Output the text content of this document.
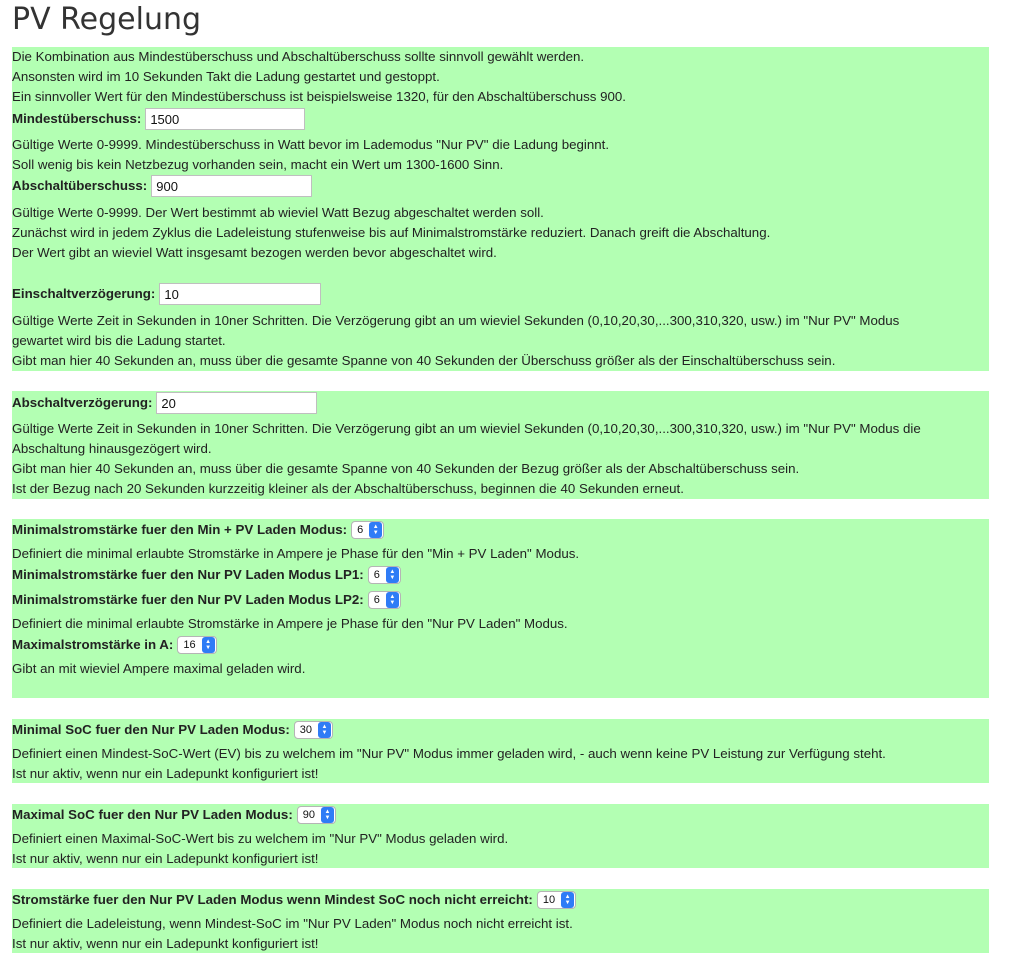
PV Regelung
Die Kombination aus Mindestüberschuss und Abschaltüberschuss sollte sinnvoll gewählt werden.
Ansonsten wird im 10 Sekunden Takt die Ladung gestartet und gestoppt.
Ein sinnvoller Wert für den Mindestüberschuss ist beispielsweise 1320, für den Abschaltüberschuss 900.
Mindestüberschuss:
1500
Gültige Werte 0-9999. Mindestüberschuss in Watt bevor im Lademodus "Nur PV" die Ladung beginnt.
Soll wenig bis kein Netzbezug vorhanden sein, macht ein Wert um 1300-1600 Sinn.
Abschaltüberschuss:
900
Gültige Werte 0-9999. Der Wert bestimmt ab wieviel Watt Bezug abgeschaltet werden soll.
Zunächst wird in jedem Zyklus die Ladeleistung stufenweise bis auf Minimalstromstärke reduziert. Danach greift die Abschaltung.
Der Wert gibt an wieviel Watt insgesamt bezogen werden bevor abgeschaltet wird.
Einschaltverzögerung:
10
Gültige Werte Zeit in Sekunden in 10ner Schritten. Die Verzögerung gibt an um wieviel Sekunden (0,10,20,30,...300,310,320, usw.) im "Nur PV" Modus
gewartet wird bis die Ladung startet.
Gibt man hier 40 Sekunden an, muss über die gesamte Spanne von 40 Sekunden der Überschuss größer als der Einschaltüberschuss sein.
Abschaltverzögerung:
20
Gültige Werte Zeit in Sekunden in 10ner Schritten. Die Verzögerung gibt an um wieviel Sekunden (0,10,20,30,...300,310,320, usw.) im "Nur PV" Modus die
Abschaltung hinausgezögert wird.
Gibt man hier 40 Sekunden an, muss über die gesamte Spanne von 40 Sekunden der Bezug größer als der Abschaltüberschuss sein.
Ist der Bezug nach 20 Sekunden kurzzeitig kleiner als der Abschaltüberschuss, beginnen die 40 Sekunden erneut.
Minimalstromstärke fuer den Min + PV Laden Modus: 6	▲
▼
Definiert die minimal erlaubte Stromstärke in Ampere je Phase für den "Min + PV Laden" Modus.
Minimalstromstärke fuer den Nur PV Laden Modus LP1: 6	▲
▼
Minimalstromstärke fuer den Nur PV Laden Modus LP2: 6	▲
▼
Definiert die minimal erlaubte Stromstärke in Ampere je Phase für den "Nur PV Laden" Modus.
Maximalstromstärke in A: 16	▲
▼
Gibt an mit wieviel Ampere maximal geladen wird.
Minimal SoC fuer den Nur PV Laden Modus: 30	▲
▼
Definiert einen Mindest-SoC-Wert (EV) bis zu welchem im "Nur PV" Modus immer geladen wird, - auch wenn keine PV Leistung zur Verfügung steht.
Ist nur aktiv, wenn nur ein Ladepunkt konfiguriert ist!
Maximal SoC fuer den Nur PV Laden Modus: 90	▲
▼
Definiert einen Maximal-SoC-Wert bis zu welchem im "Nur PV" Modus geladen wird.
Ist nur aktiv, wenn nur ein Ladepunkt konfiguriert ist!
Stromstärke fuer den Nur PV Laden Modus wenn Mindest SoC noch nicht erreicht: 10	▲
▼
Definiert die Ladeleistung, wenn Mindest-SoC im "Nur PV Laden" Modus noch nicht erreicht ist.
Ist nur aktiv, wenn nur ein Ladepunkt konfiguriert ist!
